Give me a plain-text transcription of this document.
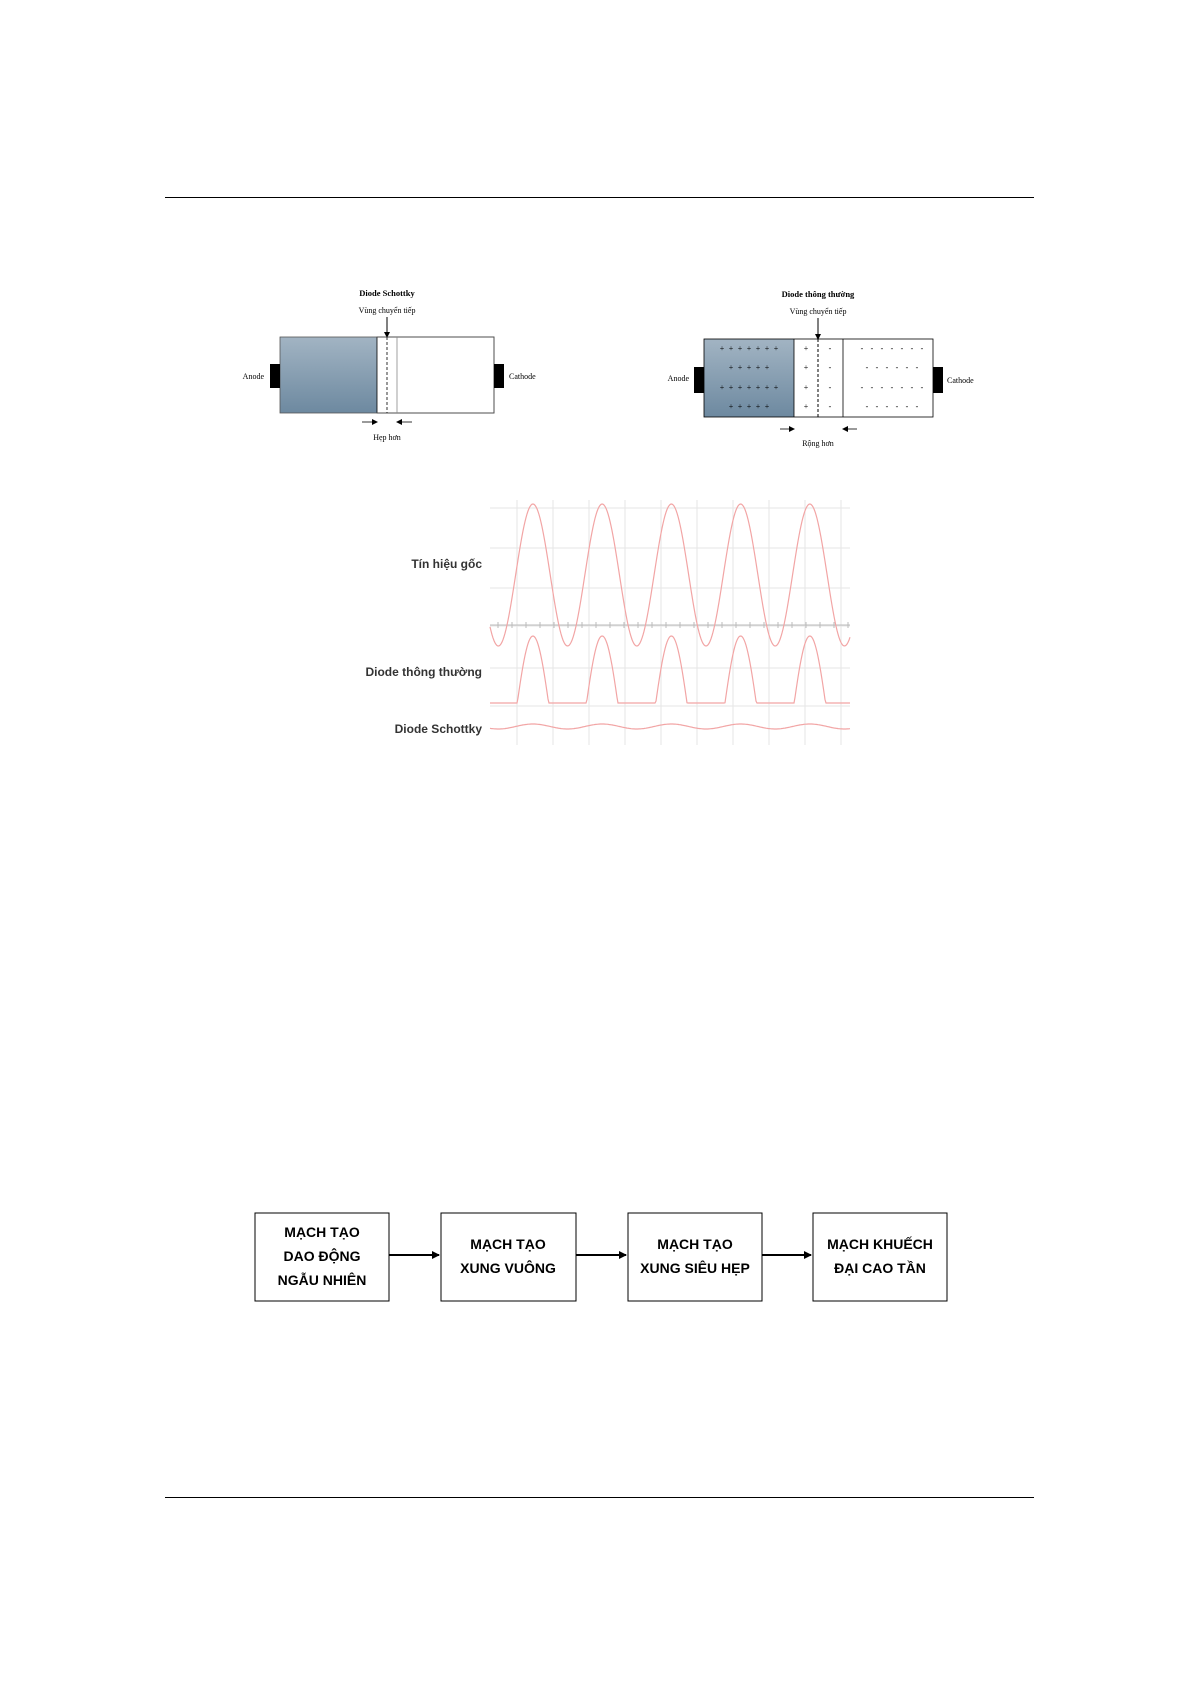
Diode Schottky
Vùng chuyển tiếp
Anode	Cathode
Hẹp hơn
Diode thông thường
Vùng chuyển tiếp
+ + + + + + +	+	-	- - - - - - -
+ + + + +	+	-	- - - - - -
+ + + + + + +	+	-	- - - - - - -
+ + + + +	+	-	- - - - - -
Anode	Cathode
Rộng hơn
Tín hiệu gốc
Diode thông thường
Diode Schottky
MẠCH TẠO
DAO ĐỘNG
NGẪU NHIÊN
MẠCH TẠO
XUNG VUÔNG
MẠCH TẠO
XUNG SIÊU HẸP
MẠCH KHUẾCH
ĐẠI CAO TẦN
